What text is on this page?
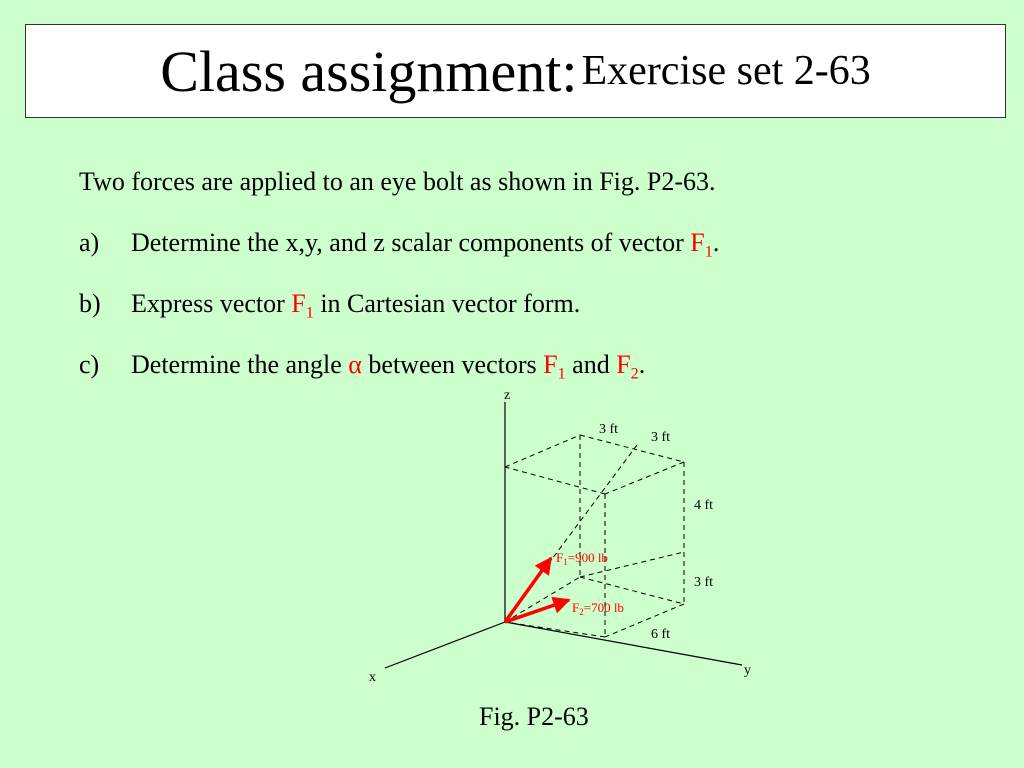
Class assignment:
Exercise set 2-63
Two forces are applied to an eye bolt as shown in Fig. P2-63.
a) Determine the x,y, and z scalar components of vector $F_1$.
b) Express vector $F_1$ in Cartesian vector form.
c) Determine the angle α between vectors $F_1$ and $F_2$.
z
x	y
3 ft
3 ft
4 ft
3 ft
6 ft
$F_1=900$ lb
$F_2=700$ lb
Fig. P2-63
